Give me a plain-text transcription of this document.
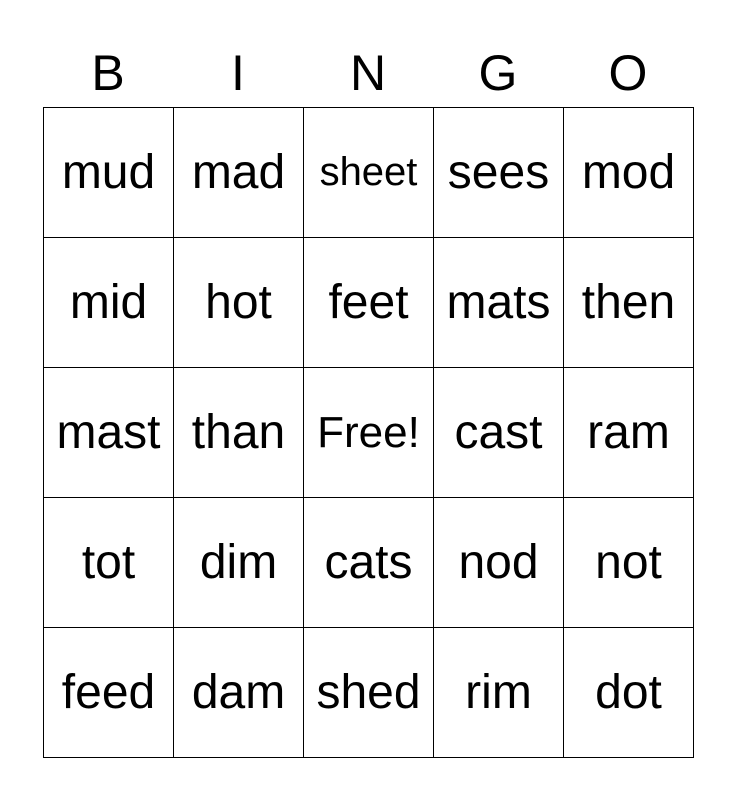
B	I	N	G	O
mud mad sheet sees mod
mid	hot	feet mats then
mast than Free! cast ram
tot	dim cats nod	not
feed dam shed rim	dot
